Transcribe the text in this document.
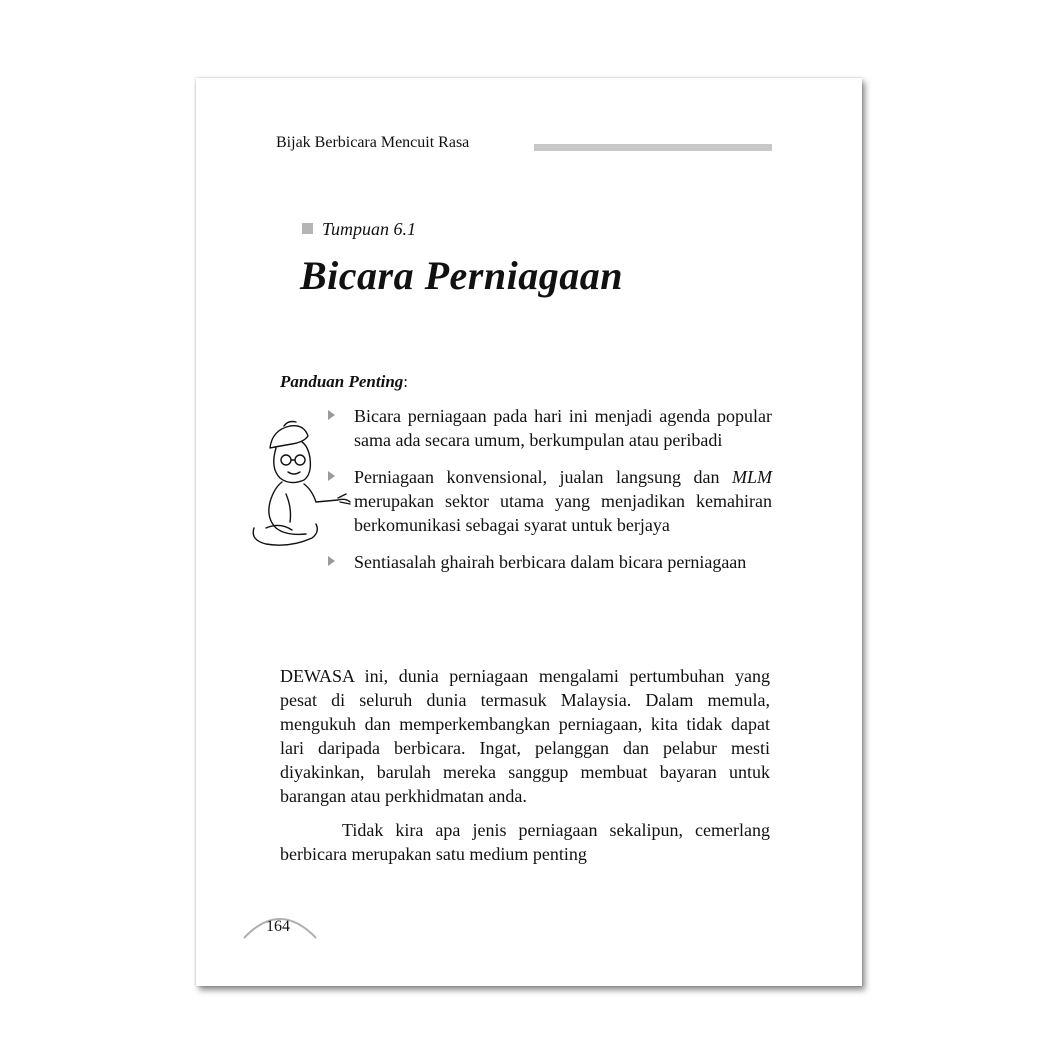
Bijak Berbicara Mencuit Rasa
Tumpuan 6.1
Bicara Perniagaan
Panduan Penting:
Bicara perniagaan pada hari ini menjadi agenda popular sama ada secara umum, berkumpulan atau peribadi
Perniagaan konvensional, jualan langsung dan MLM merupakan sektor utama yang menjadikan kemahiran berkomunikasi sebagai syarat untuk berjaya
Sentiasalah ghairah berbicara dalam bicara perniagaan

DEWASA ini, dunia perniagaan mengalami pertumbuhan yang pesat di seluruh dunia termasuk Malaysia. Dalam memula, mengukuh dan memperkembangkan perniagaan, kita tidak dapat lari daripada berbicara. Ingat, pelanggan dan pelabur mesti diyakinkan, barulah mereka sanggup membuat bayaran untuk barangan atau perkhidmatan anda.

Tidak kira apa jenis perniagaan sekalipun, cemerlang berbicara merupakan satu medium penting

164
